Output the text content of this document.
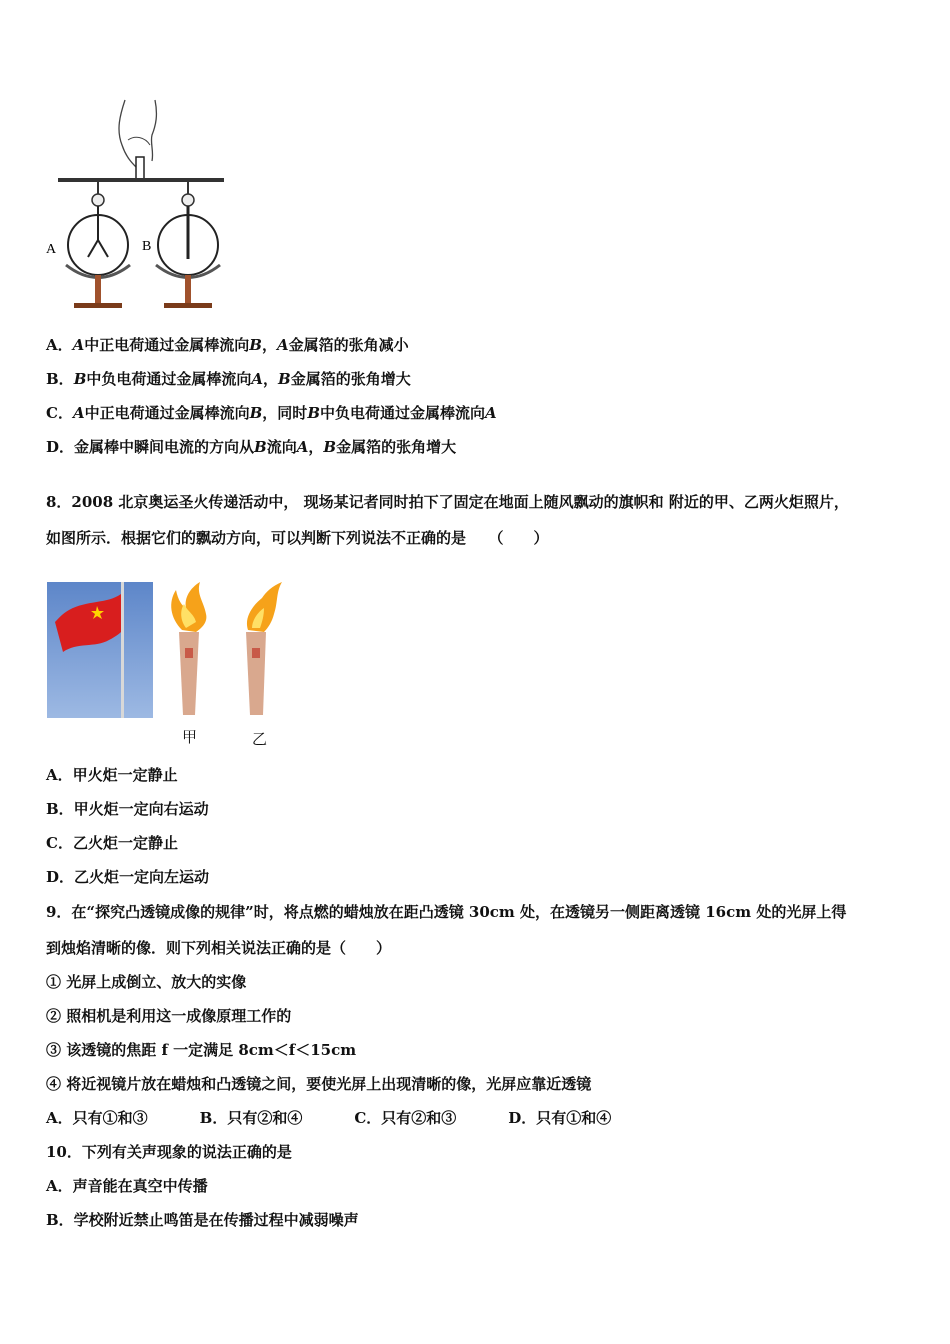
A	B
A．A中正电荷通过金属棒流向B，A金属箔的张角减小
B．B中负电荷通过金属棒流向A，B金属箔的张角增大
C．A中正电荷通过金属棒流向B，同时B中负电荷通过金属棒流向A
D．金属棒中瞬间电流的方向从B流向A，B金属箔的张角增大
8．2008 北京奥运圣火传递活动中， 现场某记者同时拍下了固定在地面上随风飘动的旗帜和 附近的甲、乙两火炬照片，
如图所示．根据它们的飘动方向，可以判断下列说法不正确的是　　（　　）
甲	乙
A．甲火炬一定静止
B．甲火炬一定向右运动
C．乙火炬一定静止
D．乙火炬一定向左运动
9．在“探究凸透镜成像的规律”时，将点燃的蜡烛放在距凸透镜 30cm 处，在透镜另一侧距离透镜 16cm 处的光屏上得
到烛焰清晰的像．则下列相关说法正确的是（　　）
① 光屏上成倒立、放大的实像
② 照相机是利用这一成像原理工作的
③ 该透镜的焦距 f 一定满足 8cm＜f＜15cm
④ 将近视镜片放在蜡烛和凸透镜之间，要使光屏上出现清晰的像，光屏应靠近透镜
A．只有①和③	B．只有②和④	C．只有②和③	D．只有①和④
10．下列有关声现象的说法正确的是
A．声音能在真空中传播
B．学校附近禁止鸣笛是在传播过程中减弱噪声
